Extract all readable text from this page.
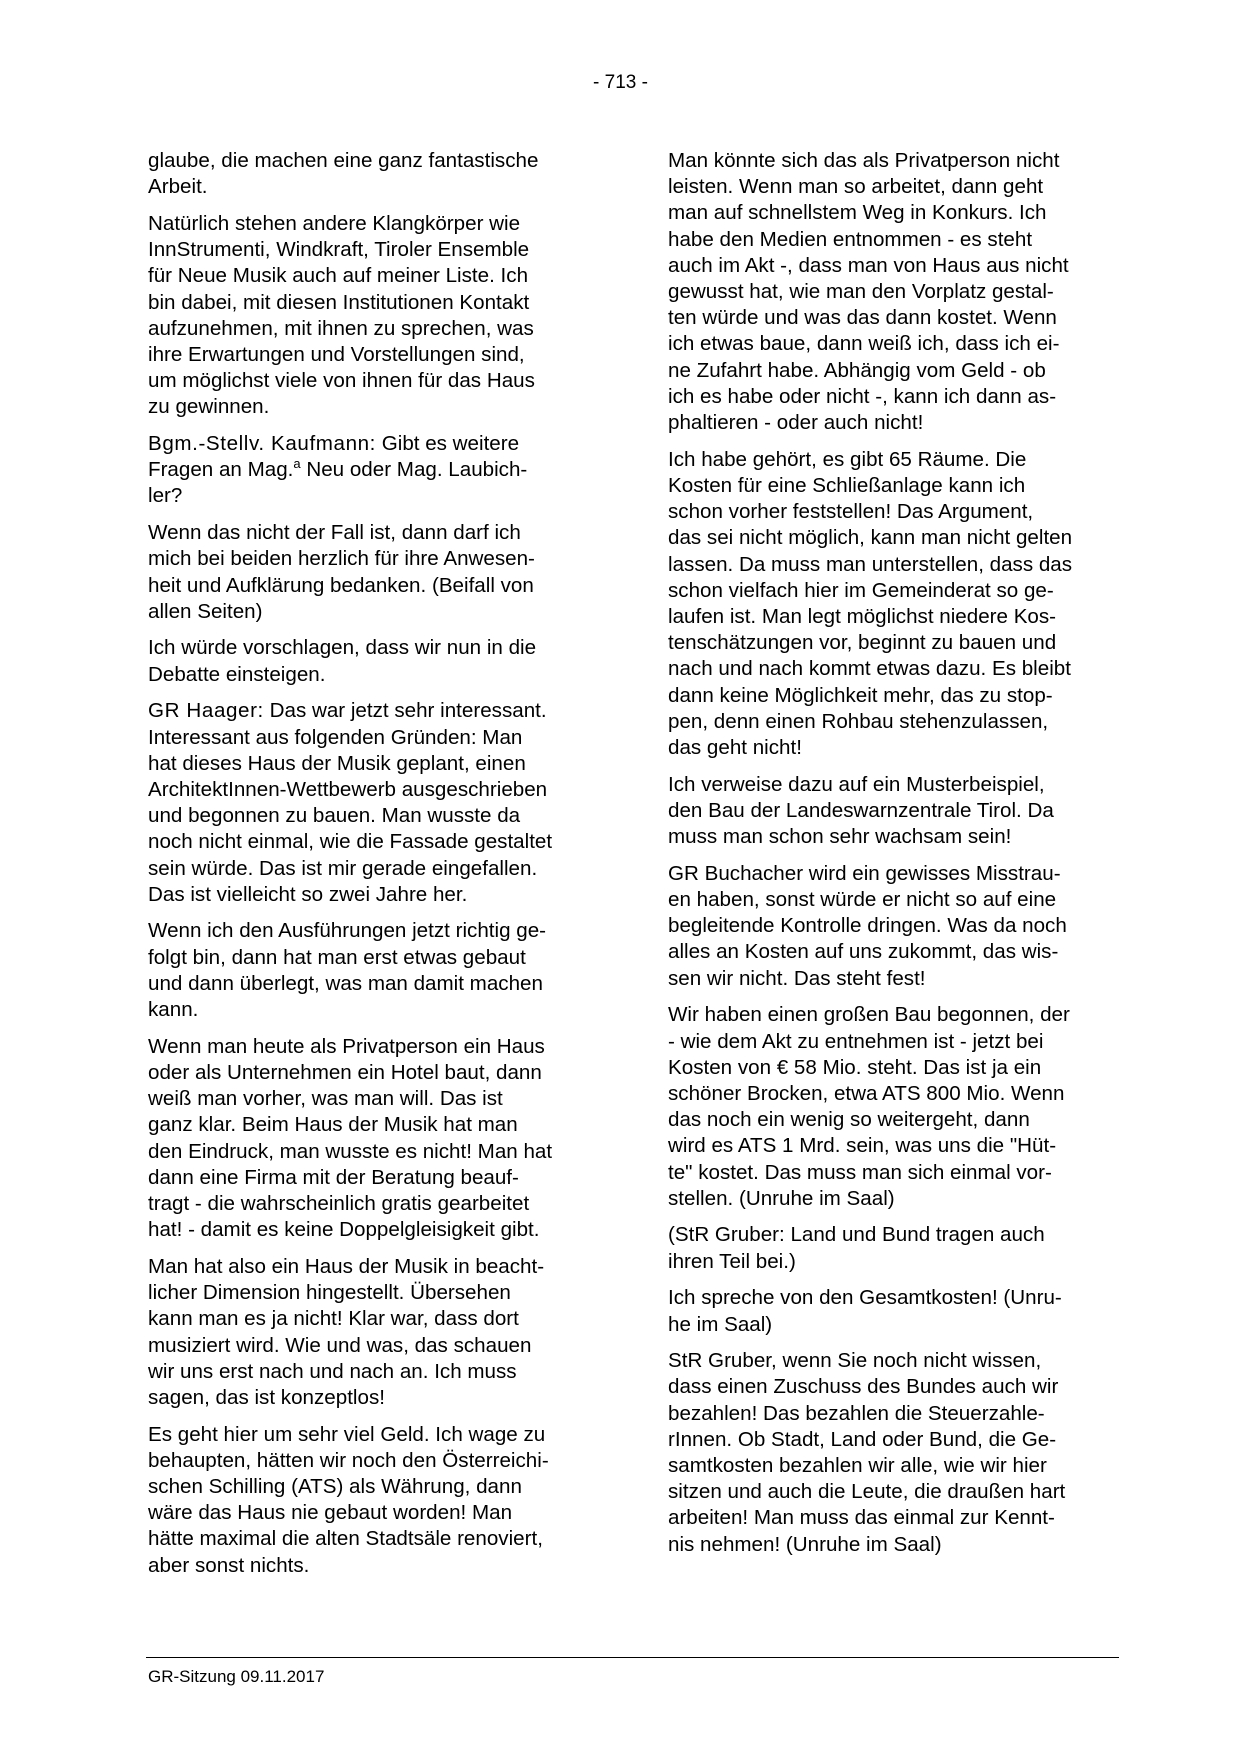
- 713 -

glaube, die machen eine ganz fantastische
Arbeit.

Natürlich stehen andere Klangkörper wie
InnStrumenti, Windkraft, Tiroler Ensemble
für Neue Musik auch auf meiner Liste. Ich
bin dabei, mit diesen Institutionen Kontakt
aufzunehmen, mit ihnen zu sprechen, was
ihre Erwartungen und Vorstellungen sind,
um möglichst viele von ihnen für das Haus
zu gewinnen.

Bgm.-Stellv. Kaufmann: Gibt es weitere
Fragen an Mag.$^a$ Neu oder Mag. Laubich-
ler?

Wenn das nicht der Fall ist, dann darf ich
mich bei beiden herzlich für ihre Anwesen-
heit und Aufklärung bedanken. (Beifall von
allen Seiten)

Ich würde vorschlagen, dass wir nun in die
Debatte einsteigen.

GR Haager: Das war jetzt sehr interessant.
Interessant aus folgenden Gründen: Man
hat dieses Haus der Musik geplant, einen
ArchitektInnen-Wettbewerb ausgeschrieben
und begonnen zu bauen. Man wusste da
noch nicht einmal, wie die Fassade gestaltet
sein würde. Das ist mir gerade eingefallen.
Das ist vielleicht so zwei Jahre her.

Wenn ich den Ausführungen jetzt richtig ge-
folgt bin, dann hat man erst etwas gebaut
und dann überlegt, was man damit machen
kann.

Wenn man heute als Privatperson ein Haus
oder als Unternehmen ein Hotel baut, dann
weiß man vorher, was man will. Das ist
ganz klar. Beim Haus der Musik hat man
den Eindruck, man wusste es nicht! Man hat
dann eine Firma mit der Beratung beauf-
tragt - die wahrscheinlich gratis gearbeitet
hat! - damit es keine Doppelgleisigkeit gibt.

Man hat also ein Haus der Musik in beacht-
licher Dimension hingestellt. Übersehen
kann man es ja nicht! Klar war, dass dort
musiziert wird. Wie und was, das schauen
wir uns erst nach und nach an. Ich muss
sagen, das ist konzeptlos!

Es geht hier um sehr viel Geld. Ich wage zu
behaupten, hätten wir noch den Österreichi-
schen Schilling (ATS) als Währung, dann
wäre das Haus nie gebaut worden! Man
hätte maximal die alten Stadtsäle renoviert,
aber sonst nichts.

Man könnte sich das als Privatperson nicht
leisten. Wenn man so arbeitet, dann geht
man auf schnellstem Weg in Konkurs. Ich
habe den Medien entnommen - es steht
auch im Akt -, dass man von Haus aus nicht
gewusst hat, wie man den Vorplatz gestal-
ten würde und was das dann kostet. Wenn
ich etwas baue, dann weiß ich, dass ich ei-
ne Zufahrt habe. Abhängig vom Geld - ob
ich es habe oder nicht -, kann ich dann as-
phaltieren - oder auch nicht!

Ich habe gehört, es gibt 65 Räume. Die
Kosten für eine Schließanlage kann ich
schon vorher feststellen! Das Argument,
das sei nicht möglich, kann man nicht gelten
lassen. Da muss man unterstellen, dass das
schon vielfach hier im Gemeinderat so ge-
laufen ist. Man legt möglichst niedere Kos-
tenschätzungen vor, beginnt zu bauen und
nach und nach kommt etwas dazu. Es bleibt
dann keine Möglichkeit mehr, das zu stop-
pen, denn einen Rohbau stehenzulassen,
das geht nicht!

Ich verweise dazu auf ein Musterbeispiel,
den Bau der Landeswarnzentrale Tirol. Da
muss man schon sehr wachsam sein!

GR Buchacher wird ein gewisses Misstrau-
en haben, sonst würde er nicht so auf eine
begleitende Kontrolle dringen. Was da noch
alles an Kosten auf uns zukommt, das wis-
sen wir nicht. Das steht fest!

Wir haben einen großen Bau begonnen, der
- wie dem Akt zu entnehmen ist - jetzt bei
Kosten von € 58 Mio. steht. Das ist ja ein
schöner Brocken, etwa ATS 800 Mio. Wenn
das noch ein wenig so weitergeht, dann
wird es ATS 1 Mrd. sein, was uns die "Hüt-
te" kostet. Das muss man sich einmal vor-
stellen. (Unruhe im Saal)

(StR Gruber: Land und Bund tragen auch
ihren Teil bei.)

Ich spreche von den Gesamtkosten! (Unru-
he im Saal)

StR Gruber, wenn Sie noch nicht wissen,
dass einen Zuschuss des Bundes auch wir
bezahlen! Das bezahlen die Steuerzahle-
rInnen. Ob Stadt, Land oder Bund, die Ge-
samtkosten bezahlen wir alle, wie wir hier
sitzen und auch die Leute, die draußen hart
arbeiten! Man muss das einmal zur Kennt-
nis nehmen! (Unruhe im Saal)

GR-Sitzung 09.11.2017
